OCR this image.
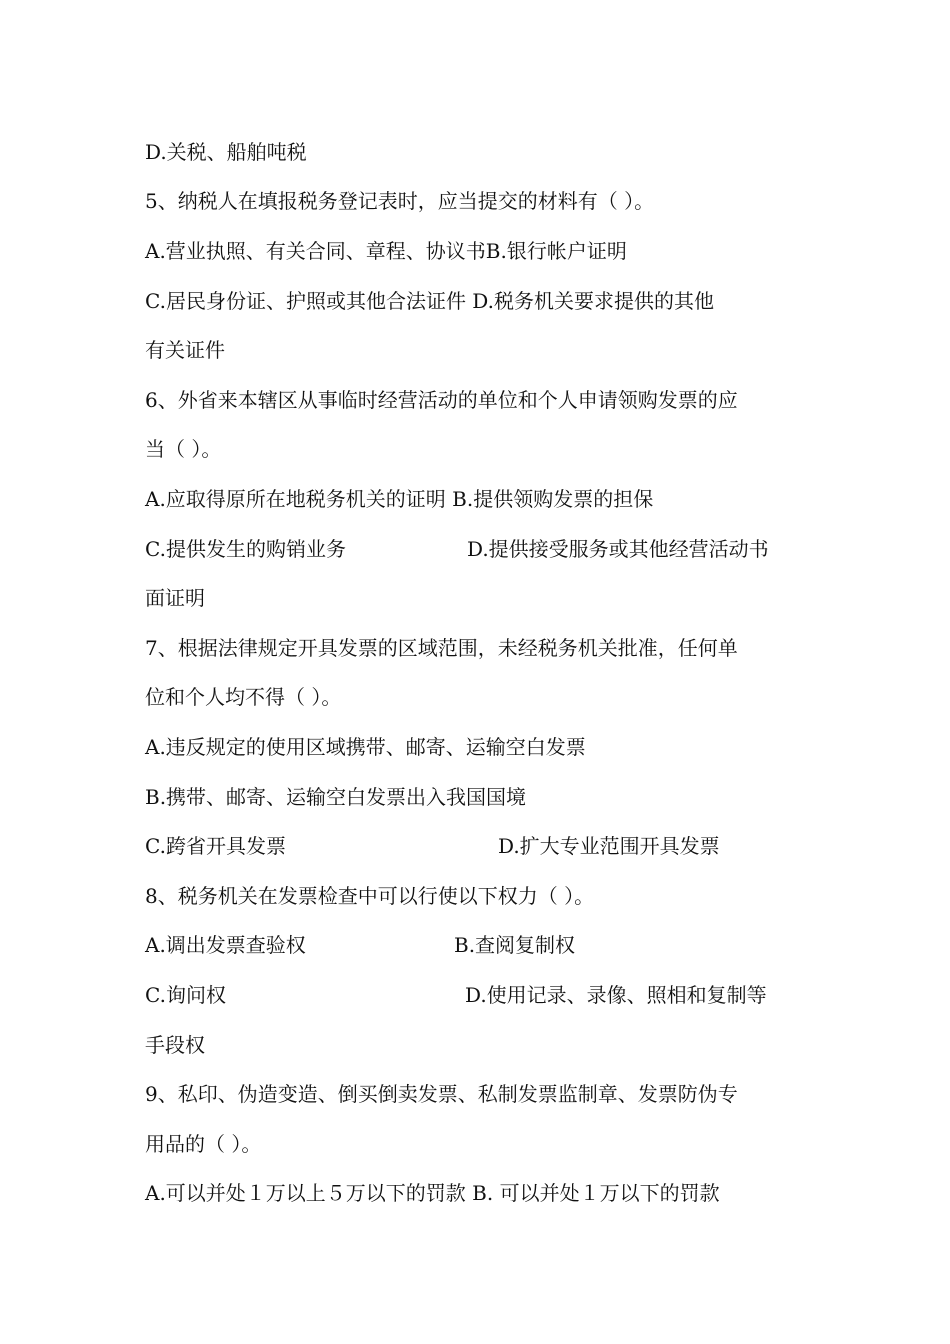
D.关税、船舶吨税
5、纳税人在填报税务登记表时，应当提交的材料有（ ）。
A.营业执照、有关合同、章程、协议书B.银行帐户证明
C.居民身份证、护照或其他合法证件 D.税务机关要求提供的其他
有关证件
6、外省来本辖区从事临时经营活动的单位和个人申请领购发票的应
当（ ）。
A.应取得原所在地税务机关的证明 B.提供领购发票的担保
C.提供发生的购销业务	D.提供接受服务或其他经营活动书
面证明
7、根据法律规定开具发票的区域范围，未经税务机关批准，任何单
位和个人均不得（ ）。
A.违反规定的使用区域携带、邮寄、运输空白发票
B.携带、邮寄、运输空白发票出入我国国境
C.跨省开具发票	D.扩大专业范围开具发票
8、税务机关在发票检查中可以行使以下权力（ ）。
A.调出发票查验权	B.查阅复制权
C.询问权	D.使用记录、录像、照相和复制等
手段权
9、私印、伪造变造、倒买倒卖发票、私制发票监制章、发票防伪专
用品的（ ）。
A.可以并处１万以上５万以下的罚款 B. 可以并处１万以下的罚款
